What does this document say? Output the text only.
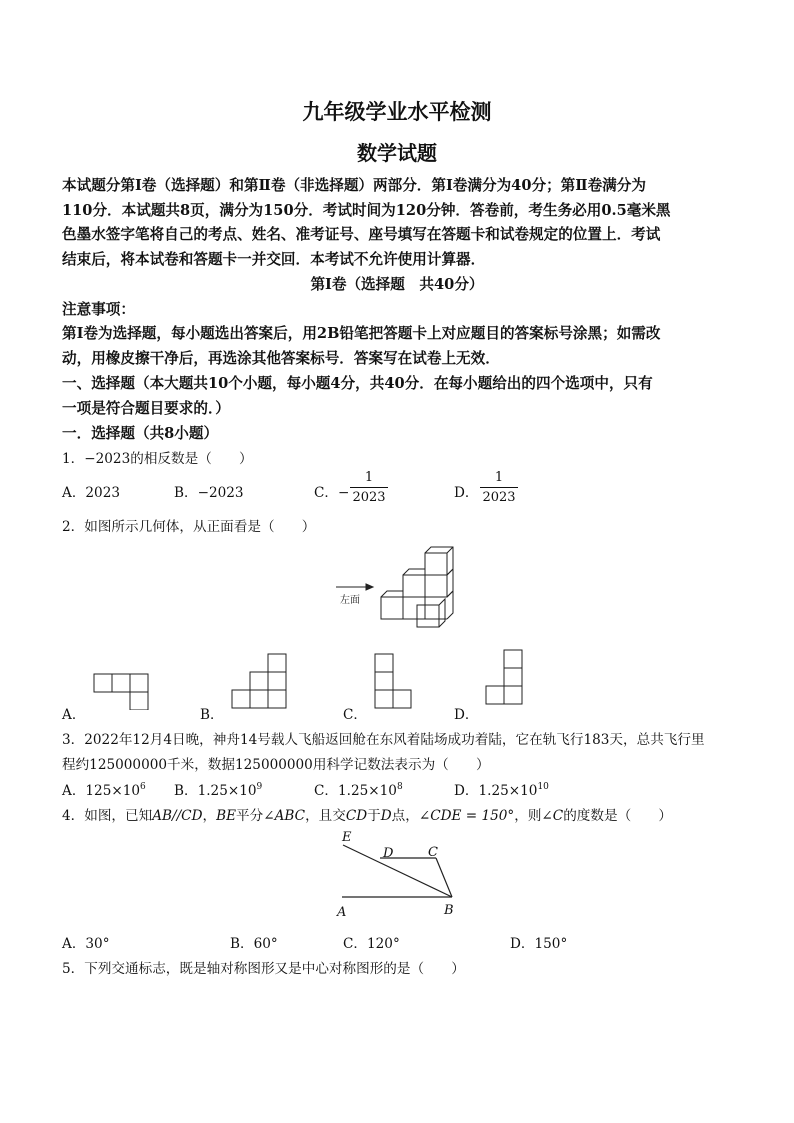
九年级学业水平检测
数学试题
本试题分第Ⅰ卷（选择题）和第Ⅱ卷（非选择题）两部分．第Ⅰ卷满分为40分；第Ⅱ卷满分为
110分．本试题共8页，满分为150分．考试时间为120分钟．答卷前，考生务必用0.5毫米黑
色墨水签字笔将自己的考点、姓名、准考证号、座号填写在答题卡和试卷规定的位置上．考试
结束后，将本试卷和答题卡一并交回．本考试不允许使用计算器．
第Ⅰ卷（选择题　共40分）
注意事项：
第Ⅰ卷为选择题，每小题选出答案后，用2B铅笔把答题卡上对应题目的答案标号涂黑；如需改
动，用橡皮擦干净后，再选涂其他答案标号．答案写在试卷上无效．
一、选择题（本大题共10个小题，每小题4分，共40分．在每小题给出的四个选项中，只有
一项是符合题目要求的．）
一．选择题（共8小题）
1．−2023的相反数是（　　）
A．2023	B．−2023	C．−
1
2023	D．
1
2023
2．如图所示几何体，从正面看是（　　）
左面
A．	B．	C．	D．
3．2022年12月4日晚，神舟14号载人飞船返回舱在东风着陆场成功着陆，它在轨飞行183天，总共飞行里
程约125000000千米，数据125000000用科学记数法表示为（　　）
A．$125\times 10^6$ B．$1.25\times 10^9$	C．$1.25\times 10^8$	D．$1.25\times 10^{10}$
4．如图，已知AB//CD，BE平分∠ABC，且交CD于D点，∠CDE = 150°，则∠C的度数是（　　）
E
D	C
A	B
A．30°	B．60°	C．120°	D．150°
5．下列交通标志，既是轴对称图形又是中心对称图形的是（　　）
